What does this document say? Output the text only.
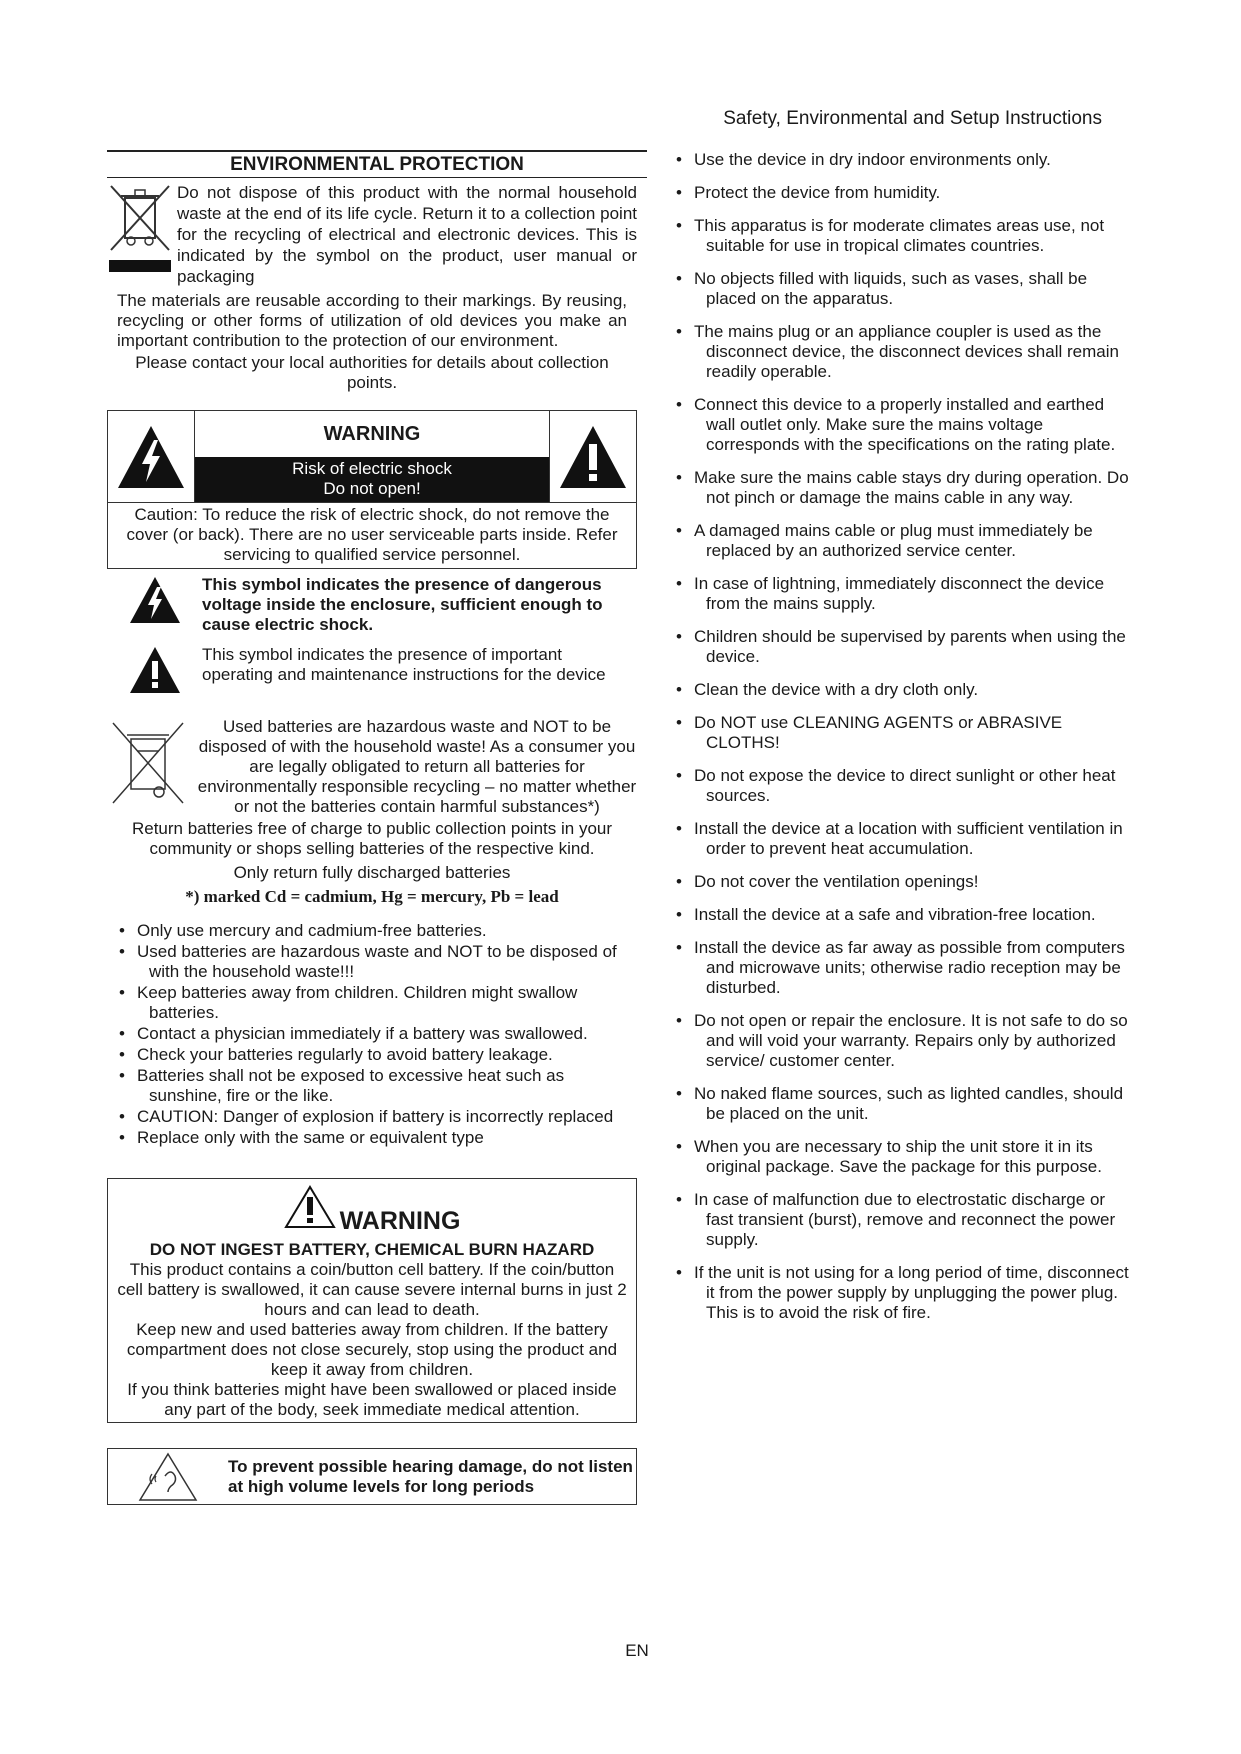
Safety, Environmental and Setup Instructions
ENVIRONMENTAL PROTECTION
Do not dispose of this product with the normal household waste at the end of its life cycle. Return it to a collection point for the recycling of electrical and electronic devices. This is indicated by the symbol on the product, user manual or packaging
The materials are reusable according to their markings. By reusing, recycling or other forms of utilization of old devices you make an important contribution to the protection of our environment.
Please contact your local authorities for details about collection points.
WARNING
Risk of electric shock
Do not open!
Caution: To reduce the risk of electric shock, do not remove the cover (or back). There are no user serviceable parts inside. Refer servicing to qualified service personnel.
This symbol indicates the presence of dangerous voltage inside the enclosure, sufficient enough to cause electric shock.
This symbol indicates the presence of important operating and maintenance instructions for the device
Used batteries are hazardous waste and NOT to be disposed of with the household waste! As a consumer you are legally obligated to return all batteries for environmentally responsible recycling – no matter whether or not the batteries contain harmful substances*)
Return batteries free of charge to public collection points in your community or shops selling batteries of the respective kind.
Only return fully discharged batteries
*) marked Cd = cadmium, Hg = mercury, Pb = lead
• Only use mercury and cadmium-free batteries.
• Used batteries are hazardous waste and NOT to be disposed of with the household waste!!!
• Keep batteries away from children. Children might swallow batteries.
• Contact a physician immediately if a battery was swallowed.
• Check your batteries regularly to avoid battery leakage.
• Batteries shall not be exposed to excessive heat such as sunshine, fire or the like.
• CAUTION: Danger of explosion if battery is incorrectly replaced
• Replace only with the same or equivalent type
WARNING
DO NOT INGEST BATTERY, CHEMICAL BURN HAZARD

This product contains a coin/button cell battery. If the coin/button cell battery is swallowed, it can cause severe internal burns in just 2 hours and can lead to death.

Keep new and used batteries away from children. If the battery compartment does not close securely, stop using the product and keep it away from children.

If you think batteries might have been swallowed or placed inside any part of the body, seek immediate medical attention.

To prevent possible hearing damage, do not listen at high volume levels for long periods
• Use the device in dry indoor environments only.
• Protect the device from humidity.
• This apparatus is for moderate climates areas use, not suitable for use in tropical climates countries.
• No objects filled with liquids, such as vases, shall be placed on the apparatus.
• The mains plug or an appliance coupler is used as the disconnect device, the disconnect devices shall remain readily operable.
• Connect this device to a properly installed and earthed wall outlet only. Make sure the mains voltage corresponds with the specifications on the rating plate.
• Make sure the mains cable stays dry during operation. Do not pinch or damage the mains cable in any way.
• A damaged mains cable or plug must immediately be replaced by an authorized service center.
• In case of lightning, immediately disconnect the device from the mains supply.
• Children should be supervised by parents when using the device.
• Clean the device with a dry cloth only.
• Do NOT use CLEANING AGENTS or ABRASIVE CLOTHS!
• Do not expose the device to direct sunlight or other heat sources.
• Install the device at a location with sufficient ventilation in order to prevent heat accumulation.
• Do not cover the ventilation openings!
• Install the device at a safe and vibration-free location.
• Install the device as far away as possible from computers and microwave units; otherwise radio reception may be disturbed.
• Do not open or repair the enclosure. It is not safe to do so and will void your warranty. Repairs only by authorized service/ customer center.
• No naked flame sources, such as lighted candles, should be placed on the unit.
• When you are necessary to ship the unit store it in its original package. Save the package for this purpose.
• In case of malfunction due to electrostatic discharge or fast transient (burst), remove and reconnect the power supply.
• If the unit is not using for a long period of time, disconnect it from the power supply by unplugging the power plug. This is to avoid the risk of fire.
EN
